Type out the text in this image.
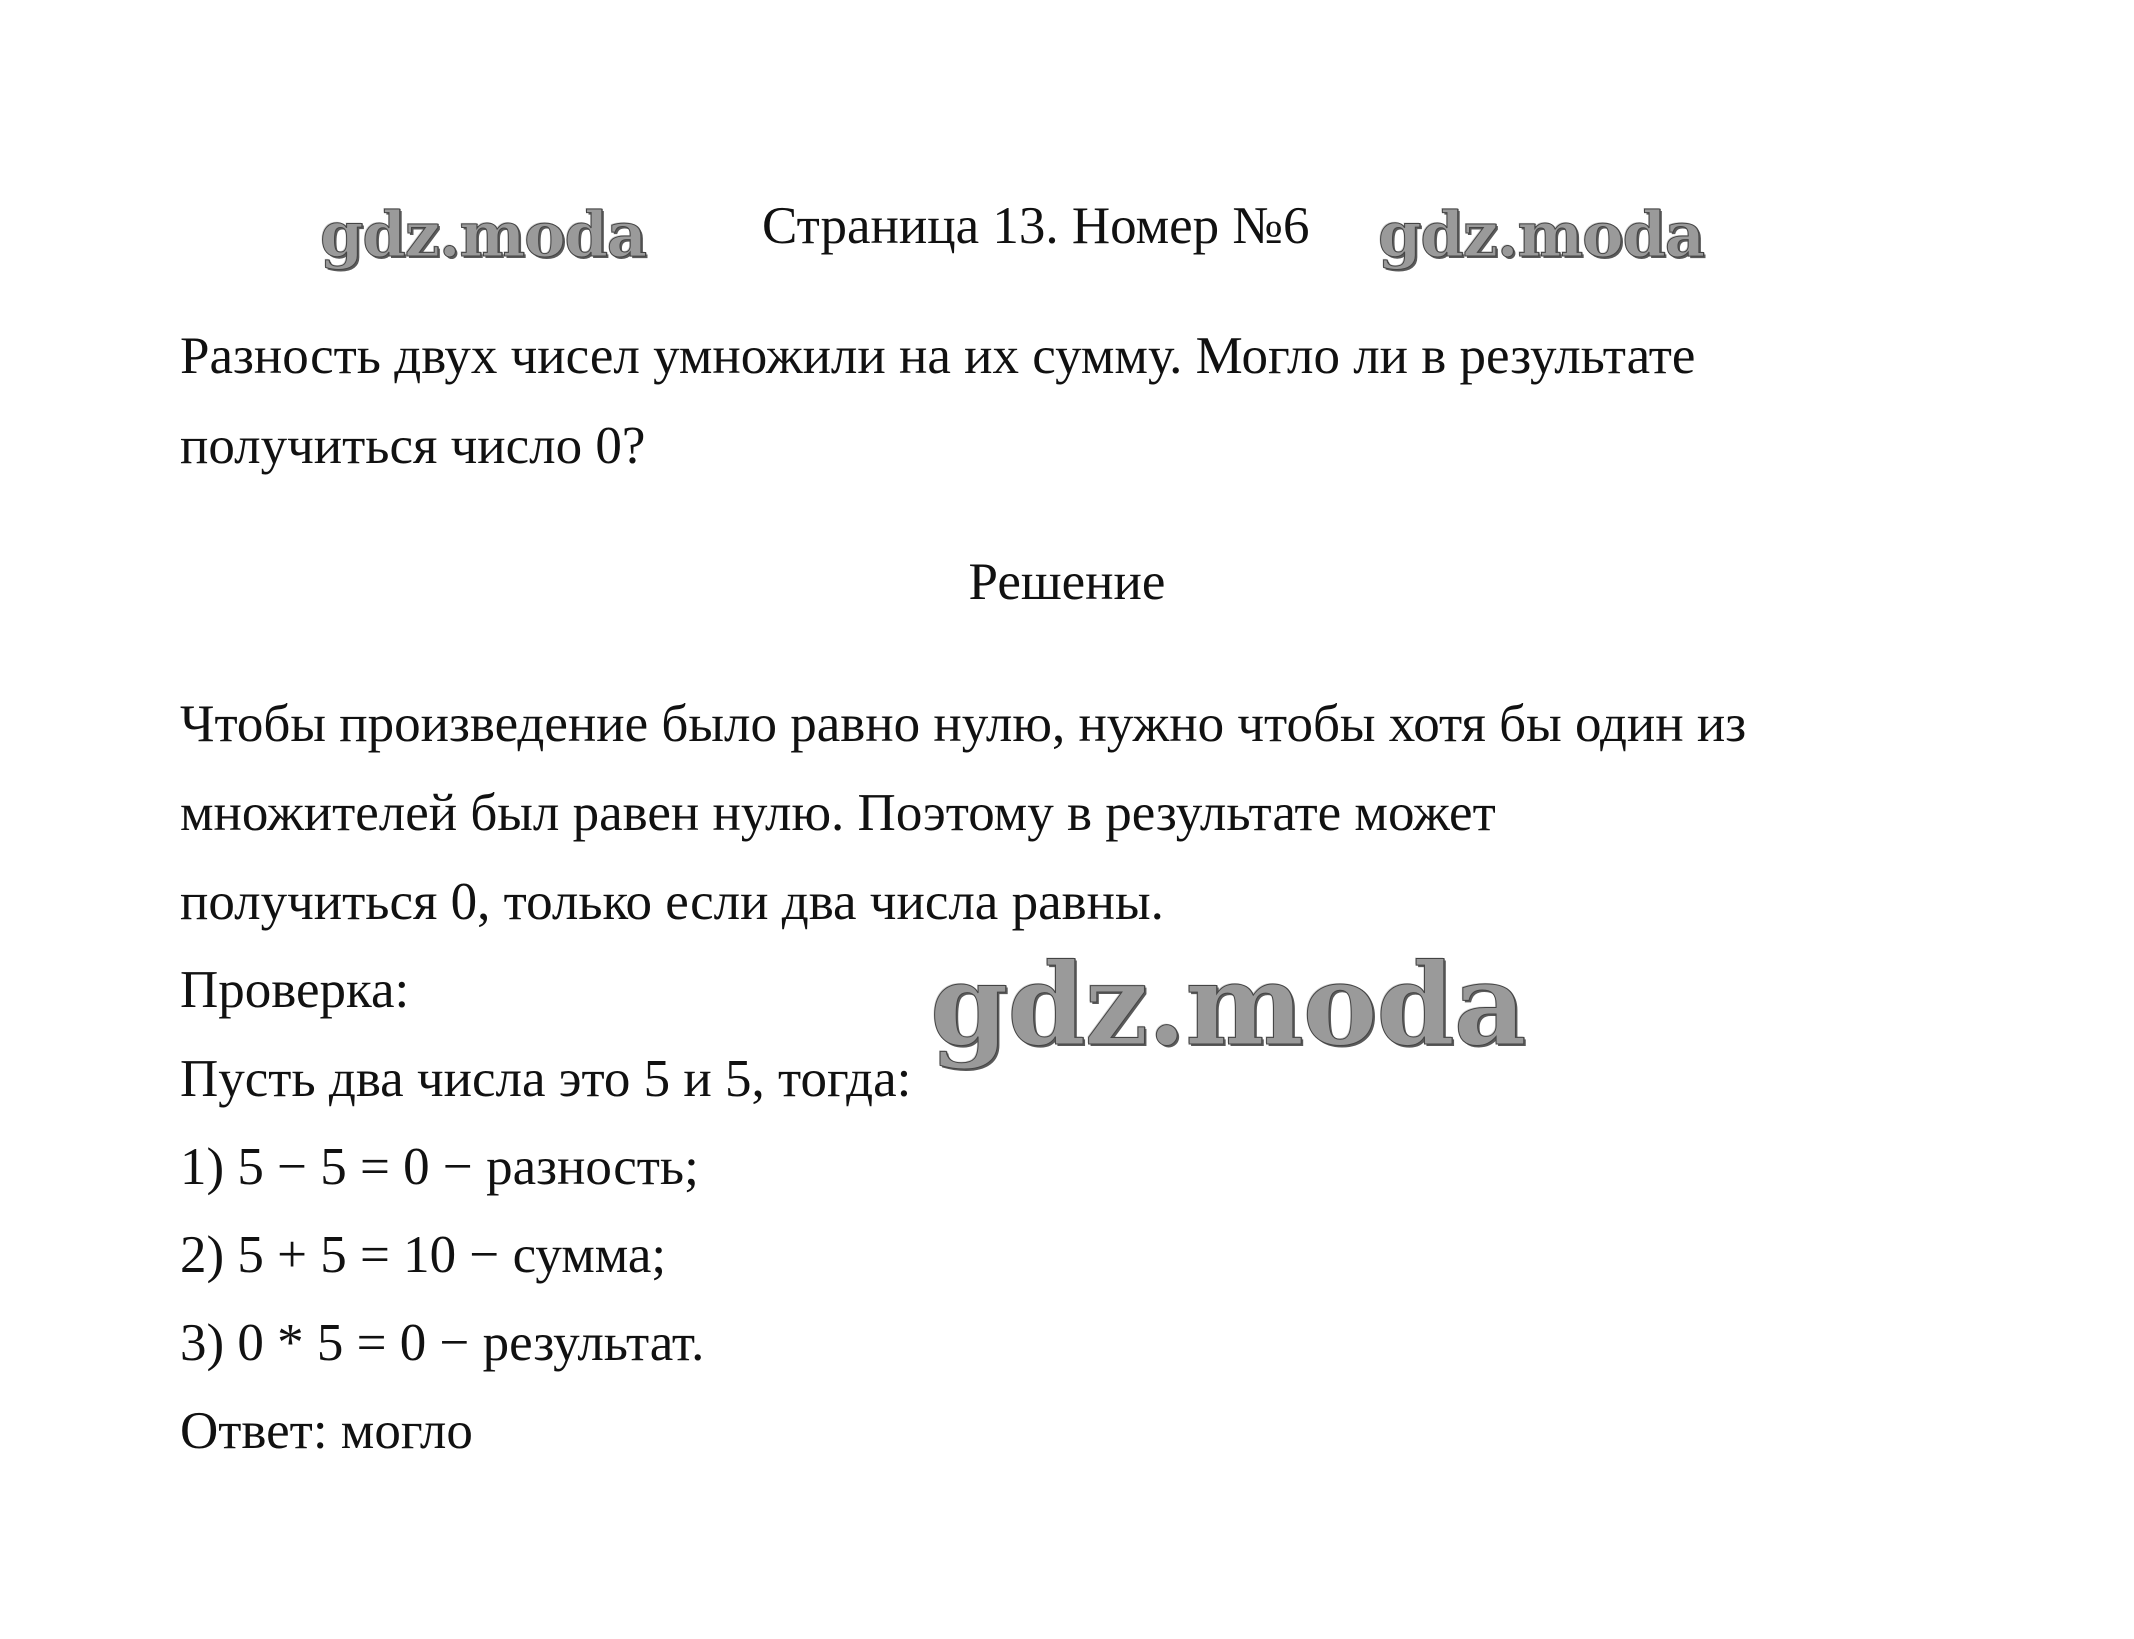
gdz.moda Страница 13. Номер №6 gdz.moda
Разность двух чисел умножили на их сумму. Могло ли в результате
получиться число 0?
Решение
Чтобы произведение было равно нулю, нужно чтобы хотя бы один из
множителей был равен нулю. Поэтому в результате может
получиться 0, только если два числа равны.
Проверка:
Пусть два числа это 5 и 5, тогда:
1) 5 − 5 = 0 − разность;
2) 5 + 5 = 10 − сумма;
3) 0 * 5 = 0 − результат.
Ответ: могло
gdz.moda
